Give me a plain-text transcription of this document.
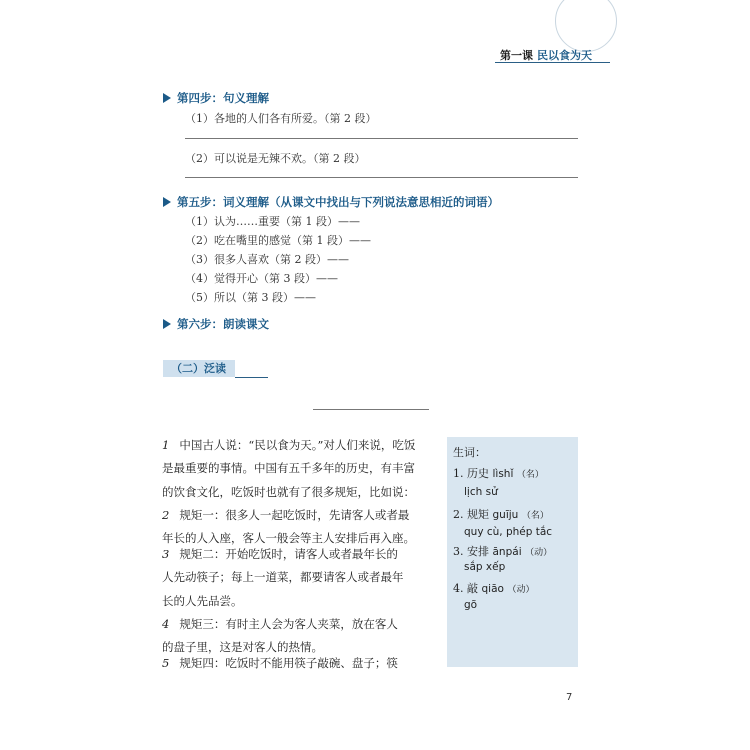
第一课 民以食为天
第四步：句义理解
（1）各地的人们各有所爱。（第 2 段）
（2）可以说是无辣不欢。（第 2 段）
第五步：词义理解（从课文中找出与下列说法意思相近的词语）
（1）认为……重要（第 1 段）——
（2）吃在嘴里的感觉（第 1 段）——
（3）很多人喜欢（第 2 段）——
（4）觉得开心（第 3 段）——
（5）所以（第 3 段）——
第六步：朗读课文
（二）泛读
1 中国古人说：“民以食为天。”对人们来说，吃饭
是最重要的事情。中国有五千多年的历史，有丰富
的饮食文化，吃饭时也就有了很多规矩，比如说：
2 规矩一：很多人一起吃饭时，先请客人或者最
年长的人入座，客人一般会等主人安排后再入座。
3 规矩二：开始吃饭时，请客人或者最年长的
人先动筷子；每上一道菜，都要请客人或者最年
长的人先品尝。
4 规矩三：有时主人会为客人夹菜，放在客人
的盘子里，这是对客人的热情。
5 规矩四：吃饭时不能用筷子敲碗、盘子；筷
生词：
1. 历史 lìshǐ （名）
lịch sử
2. 规矩 guīju （名）
quy cù, phép tắc
3. 安排 ānpái （动）
sắp xếp
4. 敲 qiāo （动）
gõ
7
